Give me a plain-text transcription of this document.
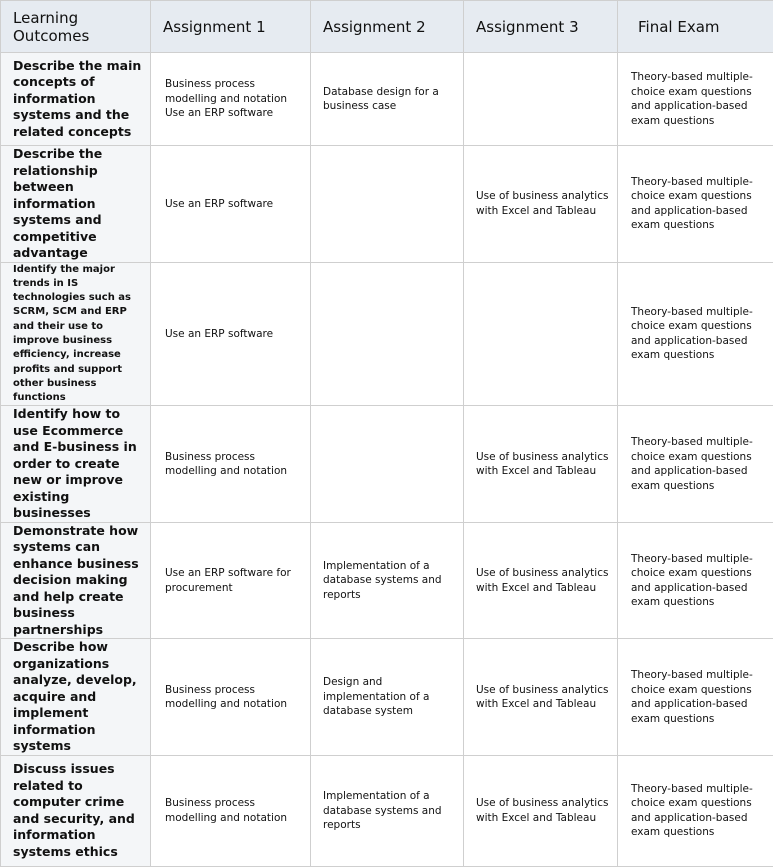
Learning Outcomes	Assignment 1	Assignment 2	Assignment 3	Final Exam
Describe the main concepts of information systems and the related concepts	Business process modelling and notation Use an ERP software	Database design for a business case		Theory-based multiple-choice exam questions and application-based exam questions
Describe the relationship between information systems and competitive advantage	Use an ERP software		Use of business analytics with Excel and Tableau	Theory-based multiple-choice exam questions and application-based exam questions
Identify the major trends in IS technologies such as SCRM, SCM and ERP and their use to improve business efficiency, increase profits and support other business functions	Use an ERP software			Theory-based multiple-choice exam questions and application-based exam questions
Identify how to use Ecommerce and E-business in order to create new or improve existing businesses	Business process modelling and notation		Use of business analytics with Excel and Tableau	Theory-based multiple-choice exam questions and application-based exam questions
Demonstrate how systems can enhance business decision making and help create business partnerships	Use an ERP software for procurement	Implementation of a database systems and reports	Use of business analytics with Excel and Tableau	Theory-based multiple-choice exam questions and application-based exam questions
Describe how organizations analyze, develop, acquire and implement information systems	Business process modelling and notation	Design and implementation of a database system	Use of business analytics with Excel and Tableau	Theory-based multiple-choice exam questions and application-based exam questions
Discuss issues related to computer crime and security, and information systems ethics	Business process modelling and notation	Implementation of a database systems and reports	Use of business analytics with Excel and Tableau	Theory-based multiple-choice exam questions and application-based exam questions
